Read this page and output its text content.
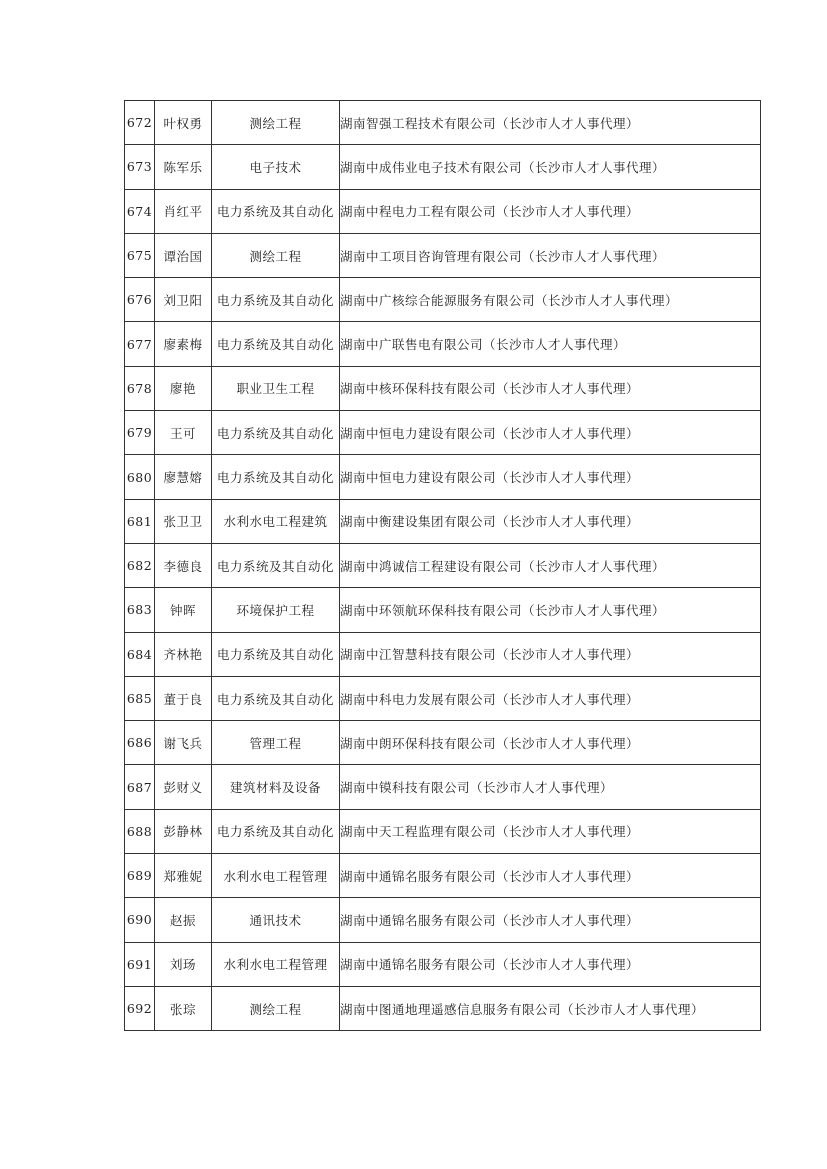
672	叶权勇	测绘工程	湖南智强工程技术有限公司（长沙市人才人事代理）
673	陈军乐	电子技术	湖南中成伟业电子技术有限公司（长沙市人才人事代理）
674	肖红平	电力系统及其自动化	湖南中程电力工程有限公司（长沙市人才人事代理）
675	谭治国	测绘工程	湖南中工项目咨询管理有限公司（长沙市人才人事代理）
676	刘卫阳	电力系统及其自动化	湖南中广核综合能源服务有限公司（长沙市人才人事代理）
677	廖素梅	电力系统及其自动化	湖南中广联售电有限公司（长沙市人才人事代理）
678	廖艳	职业卫生工程	湖南中核环保科技有限公司（长沙市人才人事代理）
679	王可	电力系统及其自动化	湖南中恒电力建设有限公司（长沙市人才人事代理）
680	廖慧嫆	电力系统及其自动化	湖南中恒电力建设有限公司（长沙市人才人事代理）
681	张卫卫	水利水电工程建筑	湖南中衡建设集团有限公司（长沙市人才人事代理）
682	李德良	电力系统及其自动化	湖南中鸿诚信工程建设有限公司（长沙市人才人事代理）
683	钟晖	环境保护工程	湖南中环领航环保科技有限公司（长沙市人才人事代理）
684	齐林艳	电力系统及其自动化	湖南中江智慧科技有限公司（长沙市人才人事代理）
685	董于良	电力系统及其自动化	湖南中科电力发展有限公司（长沙市人才人事代理）
686	谢飞兵	管理工程	湖南中朗环保科技有限公司（长沙市人才人事代理）
687	彭财义	建筑材料及设备	湖南中镆科技有限公司（长沙市人才人事代理）
688	彭静林	电力系统及其自动化	湖南中天工程监理有限公司（长沙市人才人事代理）
689	郑雅妮	水利水电工程管理	湖南中通锦名服务有限公司（长沙市人才人事代理）
690	赵振	通讯技术	湖南中通锦名服务有限公司（长沙市人才人事代理）
691	刘玚	水利水电工程管理	湖南中通锦名服务有限公司（长沙市人才人事代理）
692	张琮	测绘工程	湖南中图通地理遥感信息服务有限公司（长沙市人才人事代理）
